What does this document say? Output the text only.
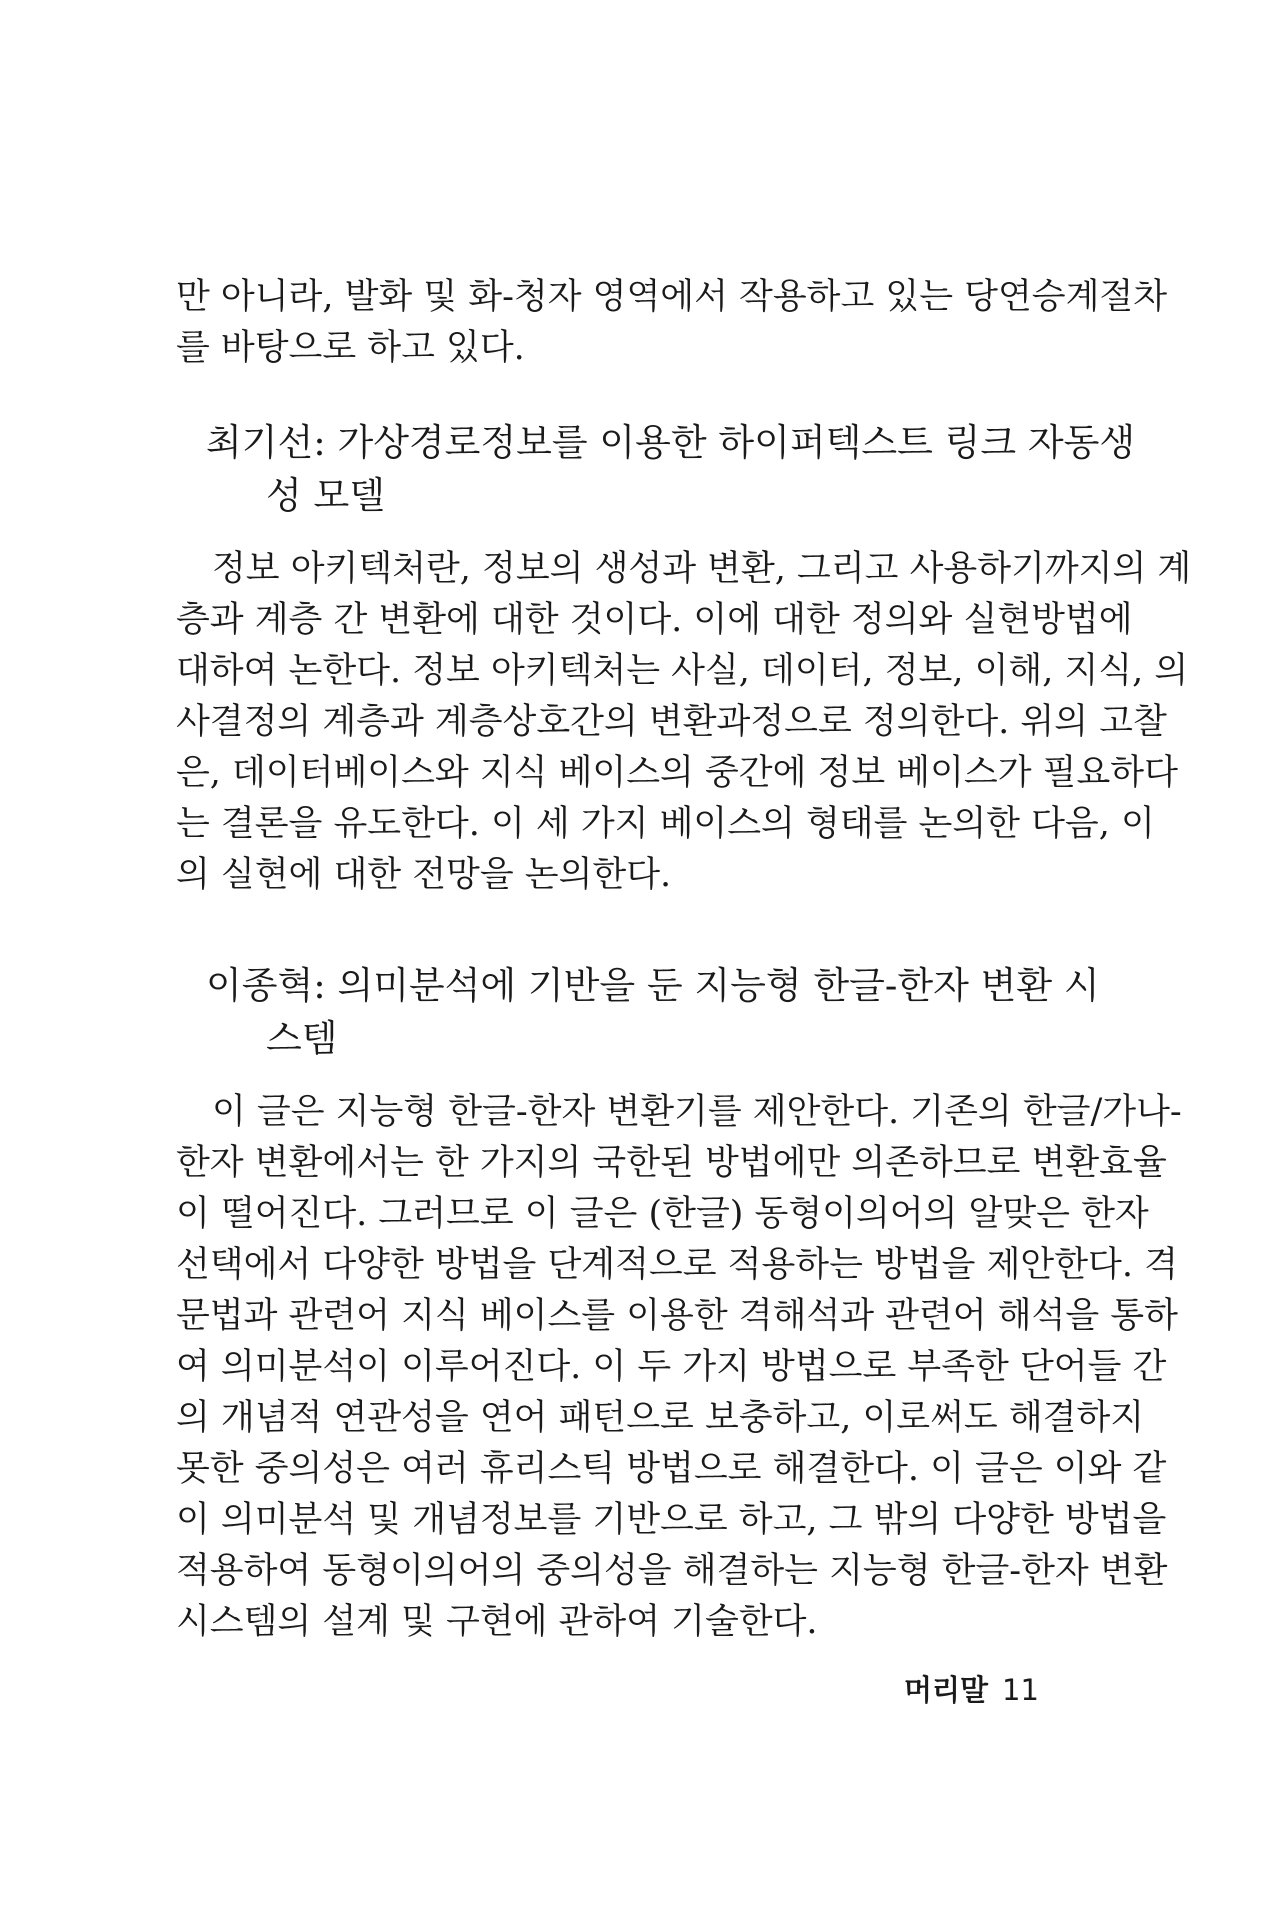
만 아니라, 발화 및 화-청자 영역에서 작용하고 있는 당연승계절차
를 바탕으로 하고 있다.
최기선: 가상경로정보를 이용한 하이퍼텍스트 링크 자동생
성 모델
정보 아키텍처란, 정보의 생성과 변환, 그리고 사용하기까지의 계
층과 계층 간 변환에 대한 것이다. 이에 대한 정의와 실현방법에
대하여 논한다. 정보 아키텍처는 사실, 데이터, 정보, 이해, 지식, 의
사결정의 계층과 계층상호간의 변환과정으로 정의한다. 위의 고찰
은, 데이터베이스와 지식 베이스의 중간에 정보 베이스가 필요하다
는 결론을 유도한다. 이 세 가지 베이스의 형태를 논의한 다음, 이
의 실현에 대한 전망을 논의한다.
이종혁: 의미분석에 기반을 둔 지능형 한글-한자 변환 시
스템
이 글은 지능형 한글-한자 변환기를 제안한다. 기존의 한글/가나-
한자 변환에서는 한 가지의 국한된 방법에만 의존하므로 변환효율
이 떨어진다. 그러므로 이 글은 (한글) 동형이의어의 알맞은 한자
선택에서 다양한 방법을 단계적으로 적용하는 방법을 제안한다. 격
문법과 관련어 지식 베이스를 이용한 격해석과 관련어 해석을 통하
여 의미분석이 이루어진다. 이 두 가지 방법으로 부족한 단어들 간
의 개념적 연관성을 연어 패턴으로 보충하고, 이로써도 해결하지
못한 중의성은 여러 휴리스틱 방법으로 해결한다. 이 글은 이와 같
이 의미분석 및 개념정보를 기반으로 하고, 그 밖의 다양한 방법을
적용하여 동형이의어의 중의성을 해결하는 지능형 한글-한자 변환
시스템의 설계 및 구현에 관하여 기술한다.
머리말 11
